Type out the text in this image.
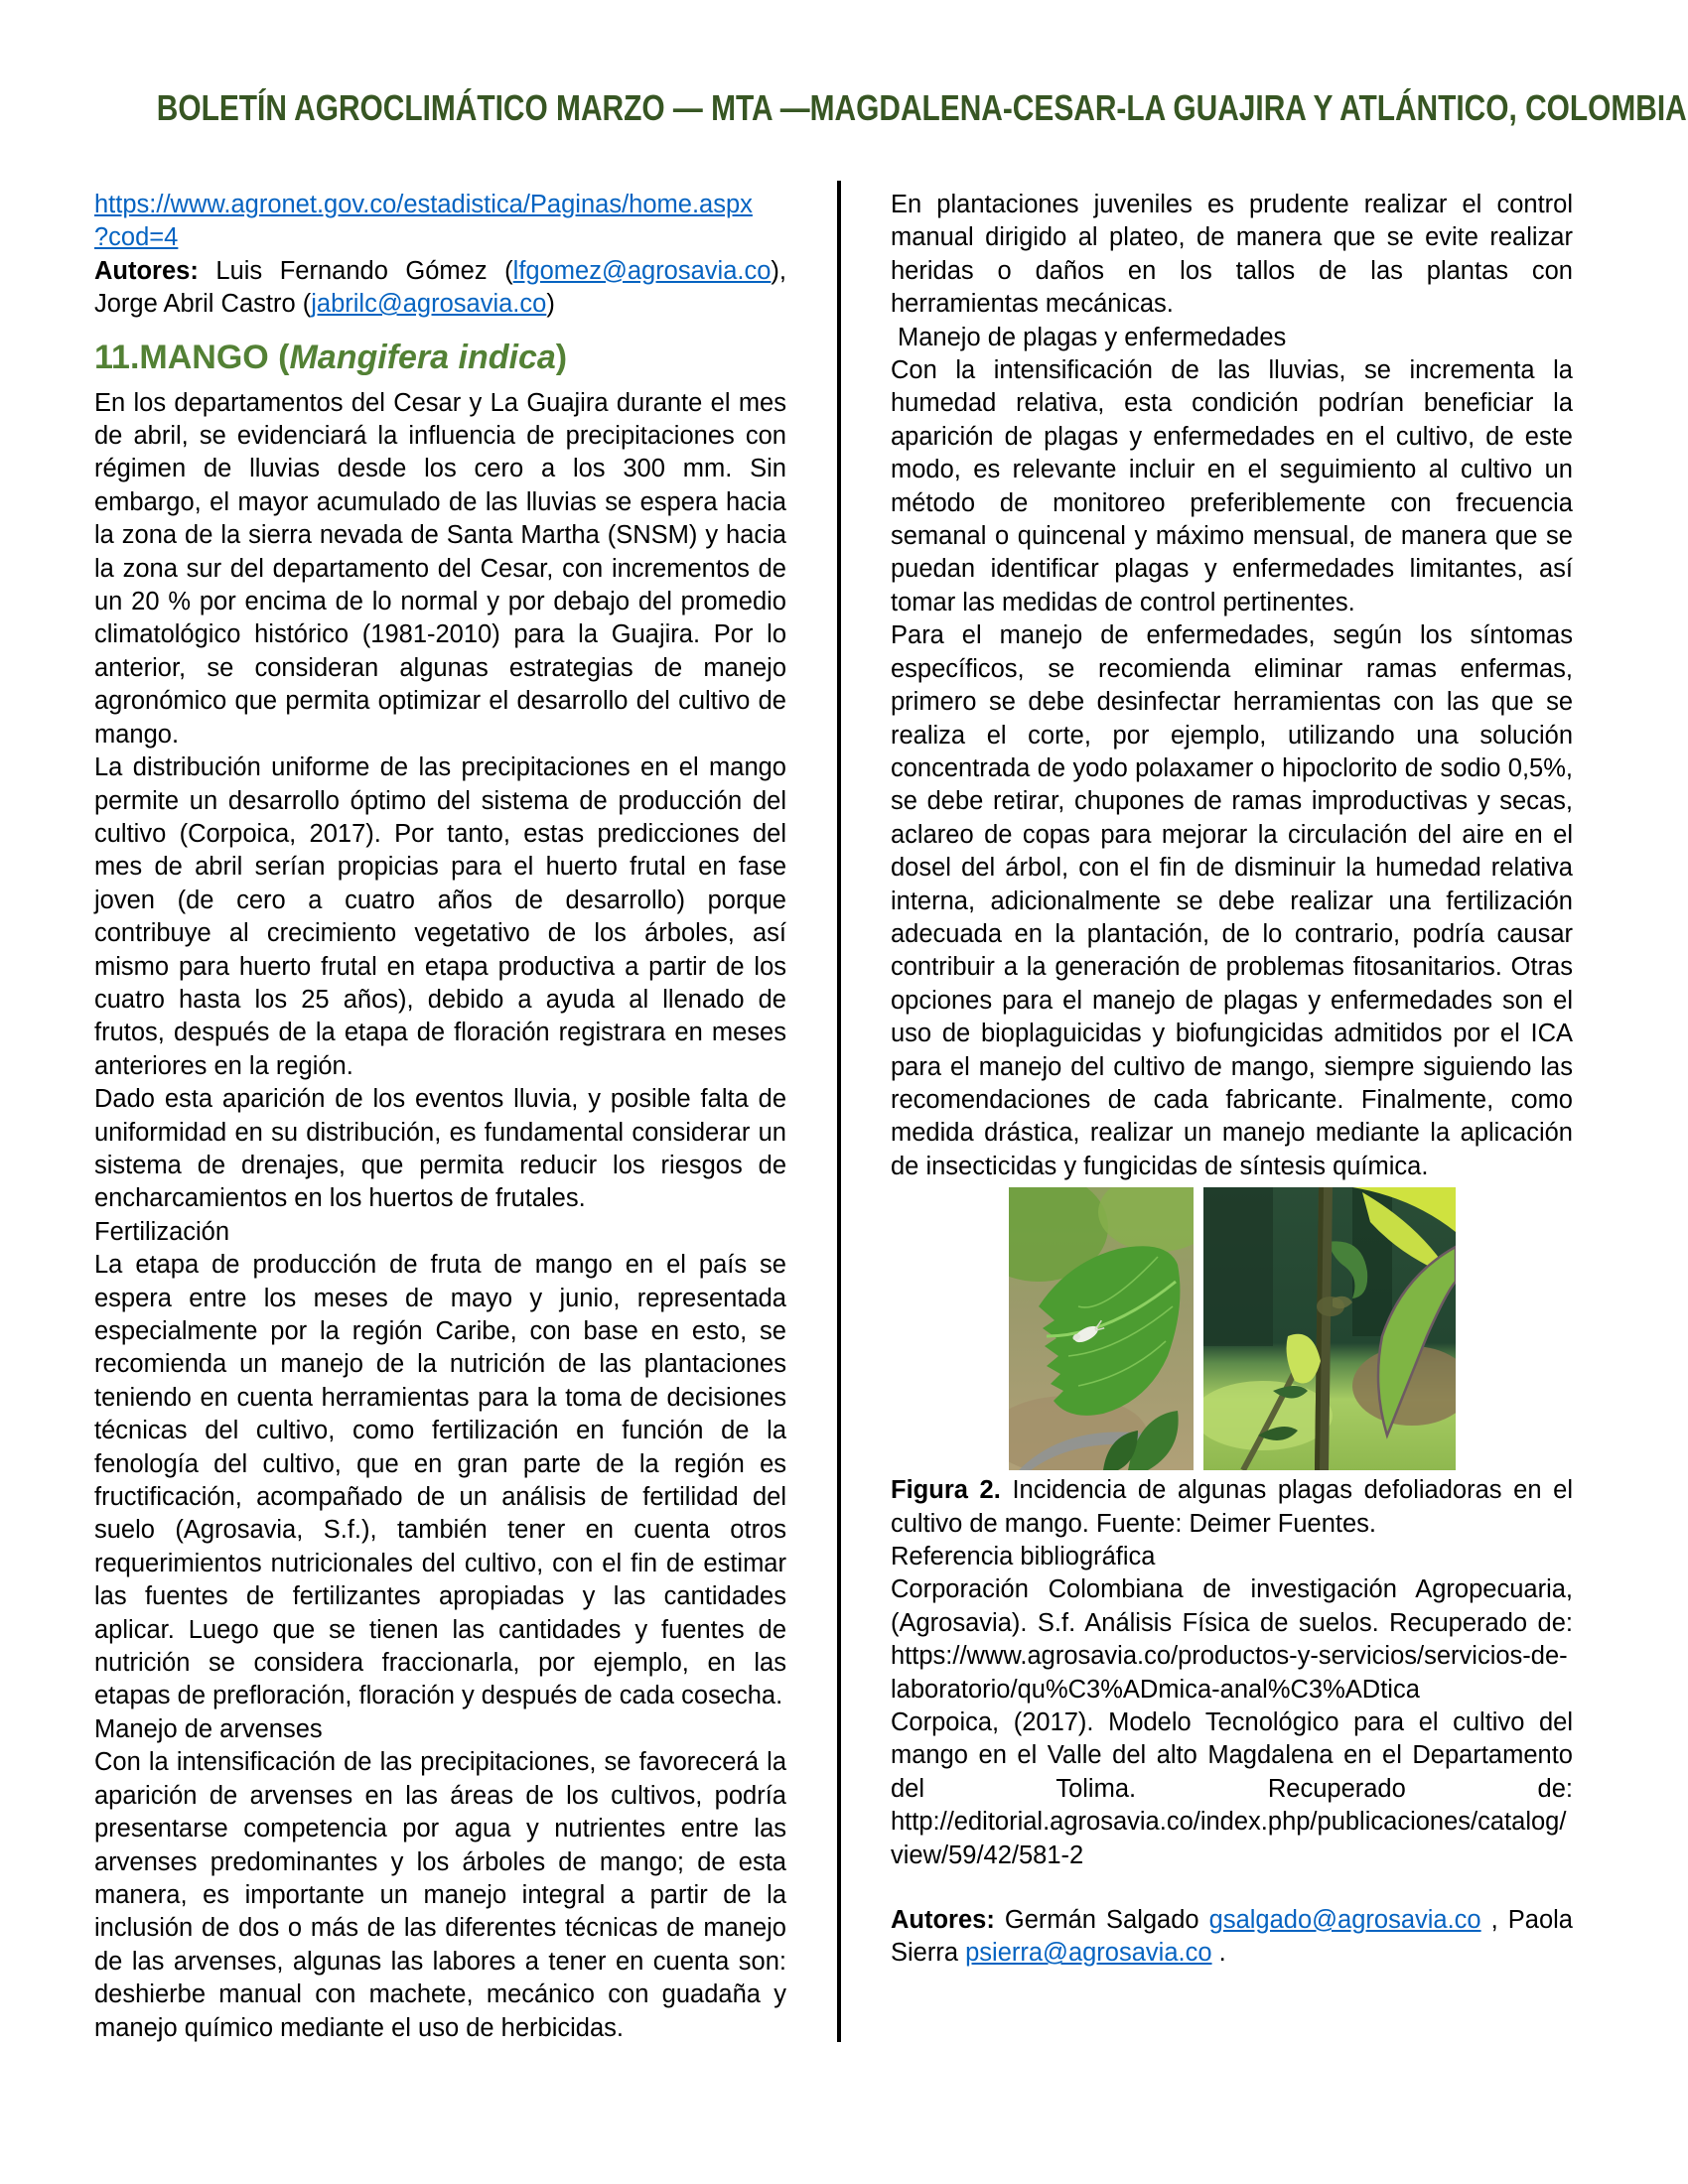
BOLETÍN AGROCLIMÁTICO MARZO — MTA —MAGDALENA-CESAR-LA GUAJIRA Y ATLÁNTICO, COLOMBIA

https://www.agronet.gov.co/estadistica/Paginas/home.aspx
?cod=4

Autores: Luis Fernando Gómez (lfgomez@agrosavia.co), Jorge Abril Castro (jabrilc@agrosavia.co)

11.MANGO (Mangifera indica)

En los departamentos del Cesar y La Guajira durante el mes de abril, se evidenciará la influencia de precipitaciones con régimen de lluvias desde los cero a los 300 mm. Sin embargo, el mayor acumulado de las lluvias se espera hacia la zona de la sierra nevada de Santa Martha (SNSM) y hacia la zona sur del departamento del Cesar, con incrementos de un 20 % por encima de lo normal y por debajo del promedio climatológico histórico (1981-2010) para la Guajira. Por lo anterior, se consideran algunas estrategias de manejo agronómico que permita optimizar el desarrollo del cultivo de mango.

La distribución uniforme de las precipitaciones en el mango permite un desarrollo óptimo del sistema de producción del cultivo (Corpoica, 2017). Por tanto, estas predicciones del mes de abril serían propicias para el huerto frutal en fase joven (de cero a cuatro años de desarrollo) porque contribuye al crecimiento vegetativo de los árboles, así mismo para huerto frutal en etapa productiva a partir de los cuatro hasta los 25 años), debido a ayuda al llenado de frutos, después de la etapa de floración registrara en meses anteriores en la región.

Dado esta aparición de los eventos lluvia, y posible falta de uniformidad en su distribución, es fundamental considerar un sistema de drenajes, que permita reducir los riesgos de encharcamientos en los huertos de frutales.

Fertilización

La etapa de producción de fruta de mango en el país se espera entre los meses de mayo y junio, representada especialmente por la región Caribe, con base en esto, se recomienda un manejo de la nutrición de las plantaciones teniendo en cuenta herramientas para la toma de decisiones técnicas del cultivo, como fertilización en función de la fenología del cultivo, que en gran parte de la región es fructificación, acompañado de un análisis de fertilidad del suelo (Agrosavia, S.f.), también tener en cuenta otros requerimientos nutricionales del cultivo, con el fin de estimar las fuentes de fertilizantes apropiadas y las cantidades aplicar. Luego que se tienen las cantidades y fuentes de nutrición se considera fraccionarla, por ejemplo, en las etapas de prefloración, floración y después de cada cosecha.

Manejo de arvenses

Con la intensificación de las precipitaciones, se favorecerá la aparición de arvenses en las áreas de los cultivos, podría presentarse competencia por agua y nutrientes entre las arvenses predominantes y los árboles de mango; de esta manera, es importante un manejo integral a partir de la inclusión de dos o más de las diferentes técnicas de manejo de las arvenses, algunas las labores a tener en cuenta son: deshierbe manual con machete, mecánico con guadaña y manejo químico mediante el uso de herbicidas.

En plantaciones juveniles es prudente realizar el control manual dirigido al plateo, de manera que se evite realizar heridas o daños en los tallos de las plantas con herramientas mecánicas.

Manejo de plagas y enfermedades

Con la intensificación de las lluvias, se incrementa la humedad relativa, esta condición podrían beneficiar la aparición de plagas y enfermedades en el cultivo, de este modo, es relevante incluir en el seguimiento al cultivo un método de monitoreo preferiblemente con frecuencia semanal o quincenal y máximo mensual, de manera que se puedan identificar plagas y enfermedades limitantes, así tomar las medidas de control pertinentes.

Para el manejo de enfermedades, según los síntomas específicos, se recomienda eliminar ramas enfermas, primero se debe desinfectar herramientas con las que se realiza el corte, por ejemplo, utilizando una solución concentrada de yodo polaxamer o hipoclorito de sodio 0,5%, se debe retirar, chupones de ramas improductivas y secas, aclareo de copas para mejorar la circulación del aire en el dosel del árbol, con el fin de disminuir la humedad relativa interna, adicionalmente se debe realizar una fertilización adecuada en la plantación, de lo contrario, podría causar contribuir a la generación de problemas fitosanitarios. Otras opciones para el manejo de plagas y enfermedades son el uso de bioplaguicidas y biofungicidas admitidos por el ICA para el manejo del cultivo de mango, siempre siguiendo las recomendaciones de cada fabricante. Finalmente, como medida drástica, realizar un manejo mediante la aplicación de insecticidas y fungicidas de síntesis química.

Figura 2. Incidencia de algunas plagas defoliadoras en el cultivo de mango. Fuente: Deimer Fuentes.

Referencia bibliográfica

Corporación Colombiana de investigación Agropecuaria, (Agrosavia). S.f. Análisis Física de suelos. Recuperado de: https://www.agrosavia.co/productos-y-servicios/servicios-de-laboratorio/qu%C3%ADmica-anal%C3%ADtica

Corpoica, (2017). Modelo Tecnológico para el cultivo del mango en el Valle del alto Magdalena en el Departamento del Tolima. Recuperado de: http://editorial.agrosavia.co/index.php/publicaciones/catalog/view/59/42/581-2

Autores: Germán Salgado gsalgado@agrosavia.co , Paola Sierra psierra@agrosavia.co .
